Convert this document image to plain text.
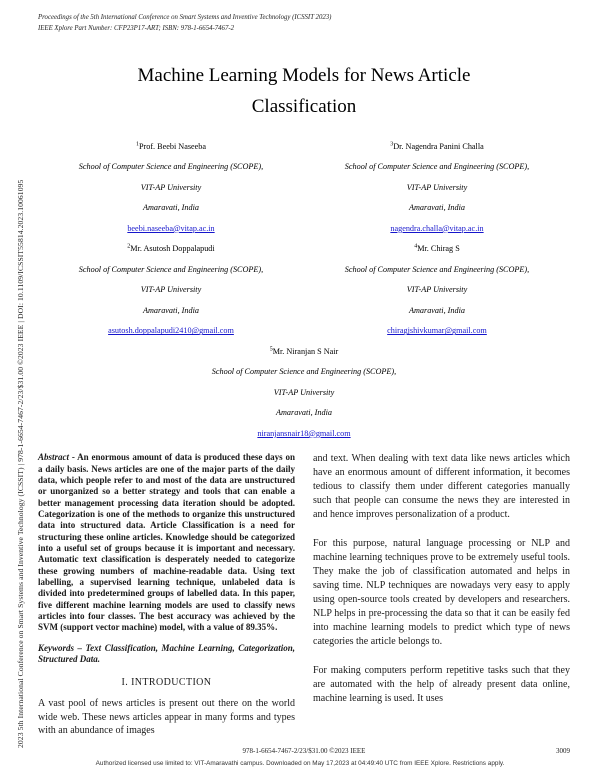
2023 5th International Conference on Smart Systems and Inventive Technology (ICSSIT) | 978-1-6654-7467-2/23/$31.00 ©2023 IEEE | DOI: 10.1109/ICSSIT55814.2023.10061095
Proceedings of the 5th International Conference on Smart Systems and Inventive Technology (ICSSIT 2023)
IEEE Xplore Part Number: CFP23P17-ART; ISBN: 978-1-6654-7467-2
Machine Learning Models for News Article Classification
$^1$Prof. Beebi Naseeba
School of Computer Science and Engineering (SCOPE),
VIT-AP University
Amaravati, India
beebi.naseeba@vitap.ac.in
$^3$Dr. Nagendra Panini Challa
School of Computer Science and Engineering (SCOPE),
VIT-AP University
Amaravati, India
nagendra.challa@vitap.ac.in
$^2$Mr. Asutosh Doppalapudi
School of Computer Science and Engineering (SCOPE),
VIT-AP University
Amaravati, India
asutosh.doppalapudi2410@gmail.com
$^4$Mr. Chirag S
School of Computer Science and Engineering (SCOPE),
VIT-AP University
Amaravati, India
chiragjshivkumar@gmail.com
$^5$Mr. Niranjan S Nair
School of Computer Science and Engineering (SCOPE),
VIT-AP University
Amaravati, India
niranjansnair18@gmail.com
Abstract - An enormous amount of data is produced these days on a daily basis. News articles are one of the major parts of the daily data, which people refer to and most of the data are unstructured or unorganized so a better strategy and tools that can enable a better management processing data iteration should be adopted. Categorization is one of the methods to organize this unstructured data into structured data. Article Classification is a need for structuring these online articles. Knowledge should be categorized into a useful set of groups because it is important and necessary. Automatic text classification is desperately needed to categorize these growing numbers of machine-readable data. Using text labelling, a supervised learning technique, unlabeled data is divided into predetermined groups of labelled data. In this paper, five different machine learning models are used to classify news articles into four classes. The best accuracy was achieved by the SVM (support vector machine) model, with a value of 89.35%.
Keywords – Text Classification, Machine Learning, Categorization, Structured Data.
I. INTRODUCTION
A vast pool of news articles is present out there on the world wide web. These news articles appear in many forms and types with an abundance of images

and text. When dealing with text data like news articles which have an enormous amount of different information, it becomes tedious to classify them under different categories manually such that people can consume the news they are interested in and hence improves personalization of a product.

For this purpose, natural language processing or NLP and machine learning techniques prove to be extremely useful tools. They make the job of classification automated and helps in saving time. NLP techniques are nowadays very easy to apply using open-source tools created by developers and researchers. NLP helps in pre-processing the data so that it can be easily fed into machine learning models to predict which type of news categories the article belongs to.

For making computers perform repetitive tasks such that they are automated with the help of already present data online, machine learning is used. It uses

978-1-6654-7467-2/23/$31.00 ©2023 IEEE	3009
Authorized licensed use limited to: VIT-Amaravathi campus. Downloaded on May 17,2023 at 04:49:40 UTC from IEEE Xplore. Restrictions apply.
